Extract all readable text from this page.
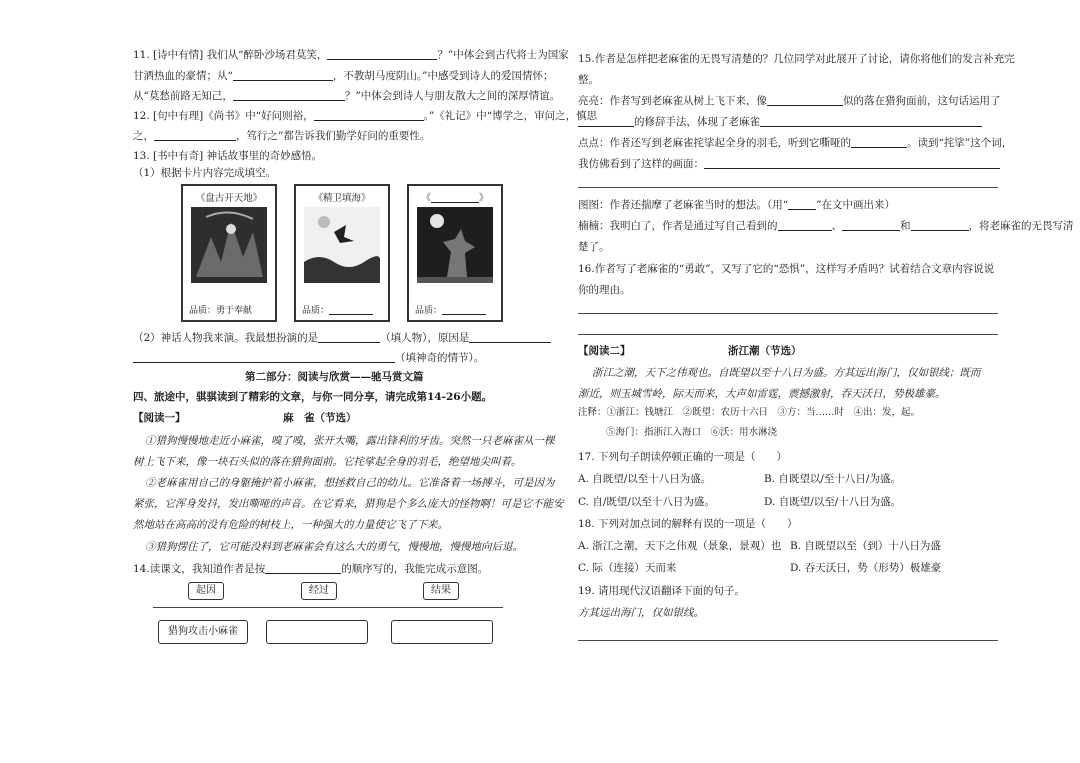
11. [诗中有情] 我们从“醉卧沙场君莫笑，	？”中体会到古代将士为国家
甘洒热血的豪情；从“	，不教胡马度阴山。”中感受到诗人的爱国情怀；
从“莫愁前路无知己，	？”中体会到诗人与朋友散大之间的深厚情谊。
12. [句中有理]《尚书》中“好问则裕，	。”《礼记》中“博学之，审问之，慎思
之，	，笃行之”都告诉我们勤学好问的重要性。
13. [书中有奇] 神话故事里的奇妙感悟。
（1）根据卡片内容完成填空。
《盘古开天地》
品质：勇于奉献
《精卫填海》
品质：
《	》
品质：
（2）神话人物我来演。我最想扮演的是	（填人物），原因是
（填神奇的情节）。
第二部分：阅读与欣赏——驰马赏文篇
四、旅途中，骐骐读到了精彩的文章，与你一同分享，请完成第14-26小题。
【阅读一】	麻　雀（节选）
①猎狗慢慢地走近小麻雀，嗅了嗅，张开大嘴，露出锋利的牙齿。突然一只老麻雀从一棵
树上飞下来，像一块石头似的落在猎狗面前。它挓挲起全身的羽毛，绝望地尖叫着。
②老麻雀用自己的身躯掩护着小麻雀，想拯救自己的幼儿。它准备着一场搏斗，可是因为
紧张，它浑身发抖，发出嘶哑的声音。在它看来，猎狗是个多么庞大的怪物啊！可是它不能安
然地站在高高的没有危险的树枝上，一种强大的力量使它飞了下来。
③猎狗愣住了，它可能没料到老麻雀会有这么大的勇气，慢慢地，慢慢地向后退。
14.读课文，我知道作者是按	的顺序写的，我能完成示意图。
起因	经过	结果
猎狗攻击小麻雀
15.作者是怎样把老麻雀的无畏写清楚的？几位同学对此展开了讨论，请你将他们的发言补充完
整。
亮亮：作者写到老麻雀从树上飞下来，像	似的落在猎狗面前，这句话运用了
的修辞手法，体现了老麻雀
点点：作者还写到老麻雀挓挲起全身的羽毛，听到它嘶哑的	。读到“挓挲”这个词，
我仿佛看到了这样的画面：
图图：作者还揣摩了老麻雀当时的想法。（用“	”在文中画出来）
楠楠：我明白了，作者是通过写自己看到的	、	和	，将老麻雀的无畏写清
楚了。
16.作者写了老麻雀的“勇敢”，又写了它的“恐惧”，这样写矛盾吗？试着结合文章内容说说
你的理由。
【阅读二】	浙江潮（节选）
浙江之潮，天下之伟观也。自既望以至十八日为盛。方其远出海门，仅如银线；既而
渐近，则玉城雪岭，际天而来，大声如雷霆，震撼激射，吞天沃日，势极雄豪。
注释：①浙江：钱塘江　②既望：农历十六日　③方：当……时　④出：发，起。
⑤海门：指浙江入海口　⑥沃：用水淋浇
17. 下列句子朗读停顿正确的一项是（　　）
A. 自既望/以至十八日为盛。	B. 自既望以/至十八日/为盛。
C. 自/既望/以至十八日为盛。	D. 自既望/以至/十八日为盛。
18. 下列对加点词的解释有误的一项是（　　）
A. 浙江之潮，天下之伟观（景象，景观）也 B. 自既望以至（到）十八日为盛
C. 际（连接）天而来	D. 吞天沃日，势（形势）极雄豪
19. 请用现代汉语翻译下面的句子。
方其远出海门，仅如银线。
